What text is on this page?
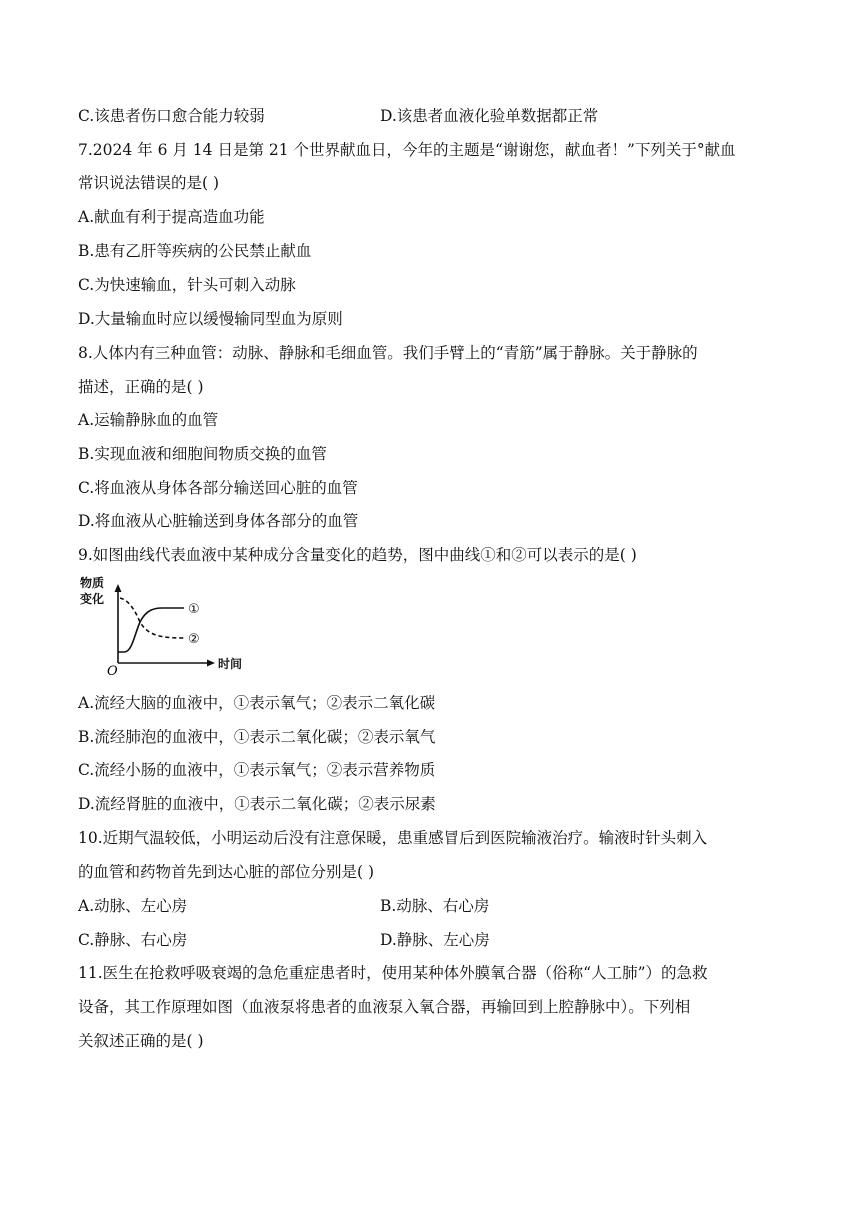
C.该患者伤口愈合能力较弱	D.该患者血液化验单数据都正常
7.2024 年 6 月 14 日是第 21 个世界献血日，今年的主题是“谢谢您，献血者！”下列关于°献血
常识说法错误的是( )
A.献血有利于提高造血功能
B.患有乙肝等疾病的公民禁止献血
C.为快速输血，针头可刺入动脉
D.大量输血时应以缓慢输同型血为原则
8.人体内有三种血管：动脉、静脉和毛细血管。我们手臂上的“青筋”属于静脉。关于静脉的
描述，正确的是( )
A.运输静脉血的血管
B.实现血液和细胞间物质交换的血管
C.将血液从身体各部分输送回心脏的血管
D.将血液从心脏输送到身体各部分的血管
9.如图曲线代表血液中某种成分含量变化的趋势，图中曲线①和②可以表示的是( )
物质
变化
时间
O
①
②
A.流经大脑的血液中，①表示氧气；②表示二氧化碳
B.流经肺泡的血液中，①表示二氧化碳；②表示氧气
C.流经小肠的血液中，①表示氧气；②表示营养物质
D.流经肾脏的血液中，①表示二氧化碳；②表示尿素
10.近期气温较低，小明运动后没有注意保暖，患重感冒后到医院输液治疗。输液时针头刺入
的血管和药物首先到达心脏的部位分别是( )
A.动脉、左心房	B.动脉、右心房
C.静脉、右心房	D.静脉、左心房
11.医生在抢救呼吸衰竭的急危重症患者时，使用某种体外膜氧合器（俗称“人工肺”）的急救
设备，其工作原理如图（血液泵将患者的血液泵入氧合器，再输回到上腔静脉中）。下列相
关叙述正确的是( )
